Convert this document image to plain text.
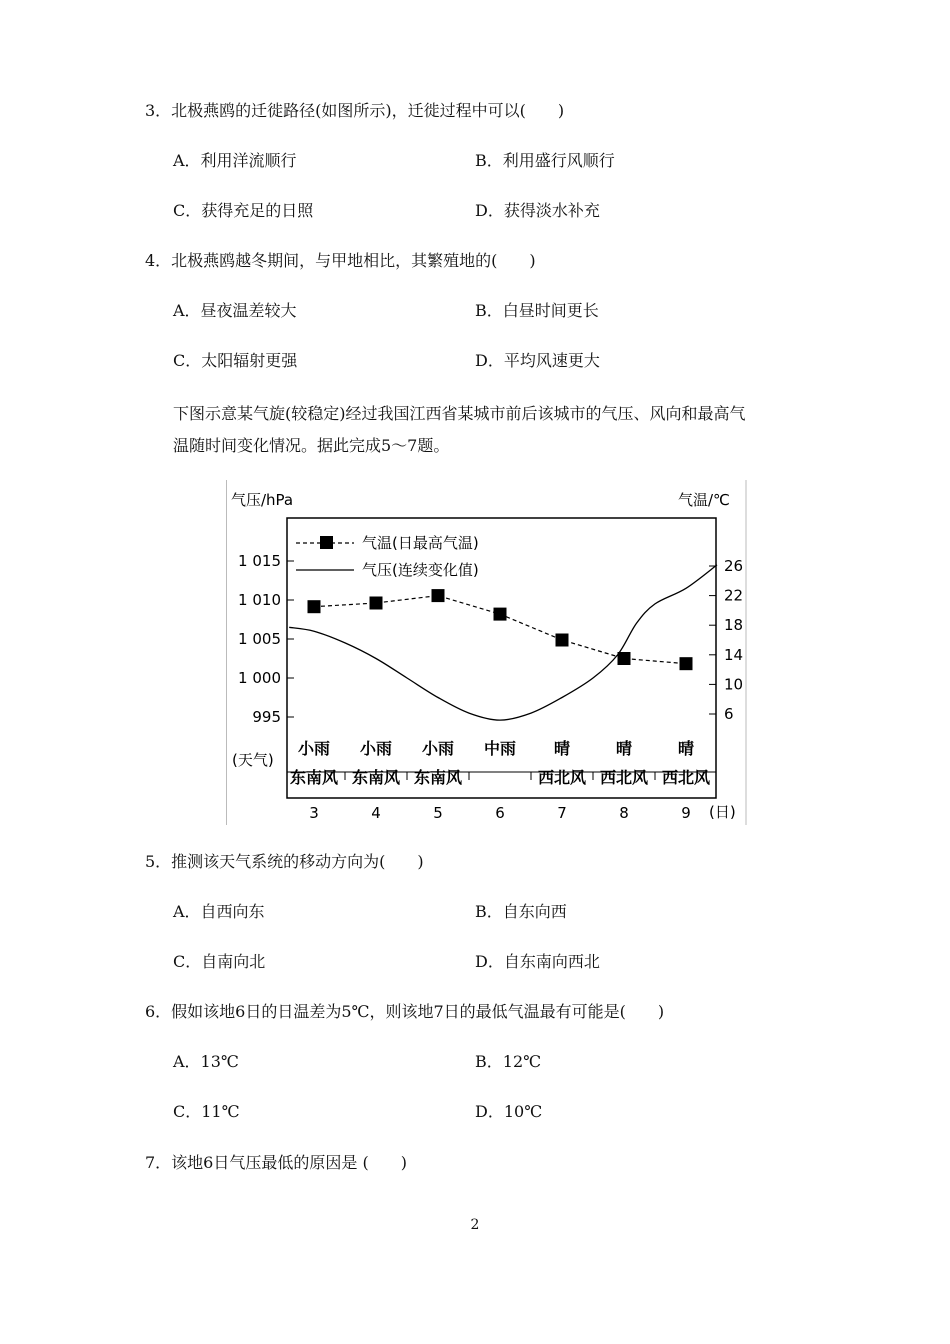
3．北极燕鸥的迁徙路径(如图所示)，迁徙过程中可以(　　)
A．利用洋流顺行	B．利用盛行风顺行
C．获得充足的日照	D．获得淡水补充
4．北极燕鸥越冬期间，与甲地相比，其繁殖地的(　　)
A．昼夜温差较大	B．白昼时间更长
C．太阳辐射更强	D．平均风速更大
下图示意某气旋(较稳定)经过我国江西省某城市前后该城市的气压、风向和最高气
温随时间变化情况。据此完成5～7题。
气压/hPa	气温/℃
(天气)
(日)
1 015
1 010
1 005
1 000
995
26
22
18
14
10
6
3	4	5	6	7	8	9
小雨
东南风
小雨
东南风
小雨
东南风
中雨 晴
西北风
晴
西北风
晴
西北风
气温(日最高气温)
气压(连续变化值)
5．推测该天气系统的移动方向为(　　)
A．自西向东	B．自东向西
C．自南向北	D．自东南向西北
6．假如该地6日的日温差为5℃，则该地7日的最低气温最有可能是(　　)
A．13℃	B．12℃
C．11℃	D．10℃
7．该地6日气压最低的原因是 (　　)
2
